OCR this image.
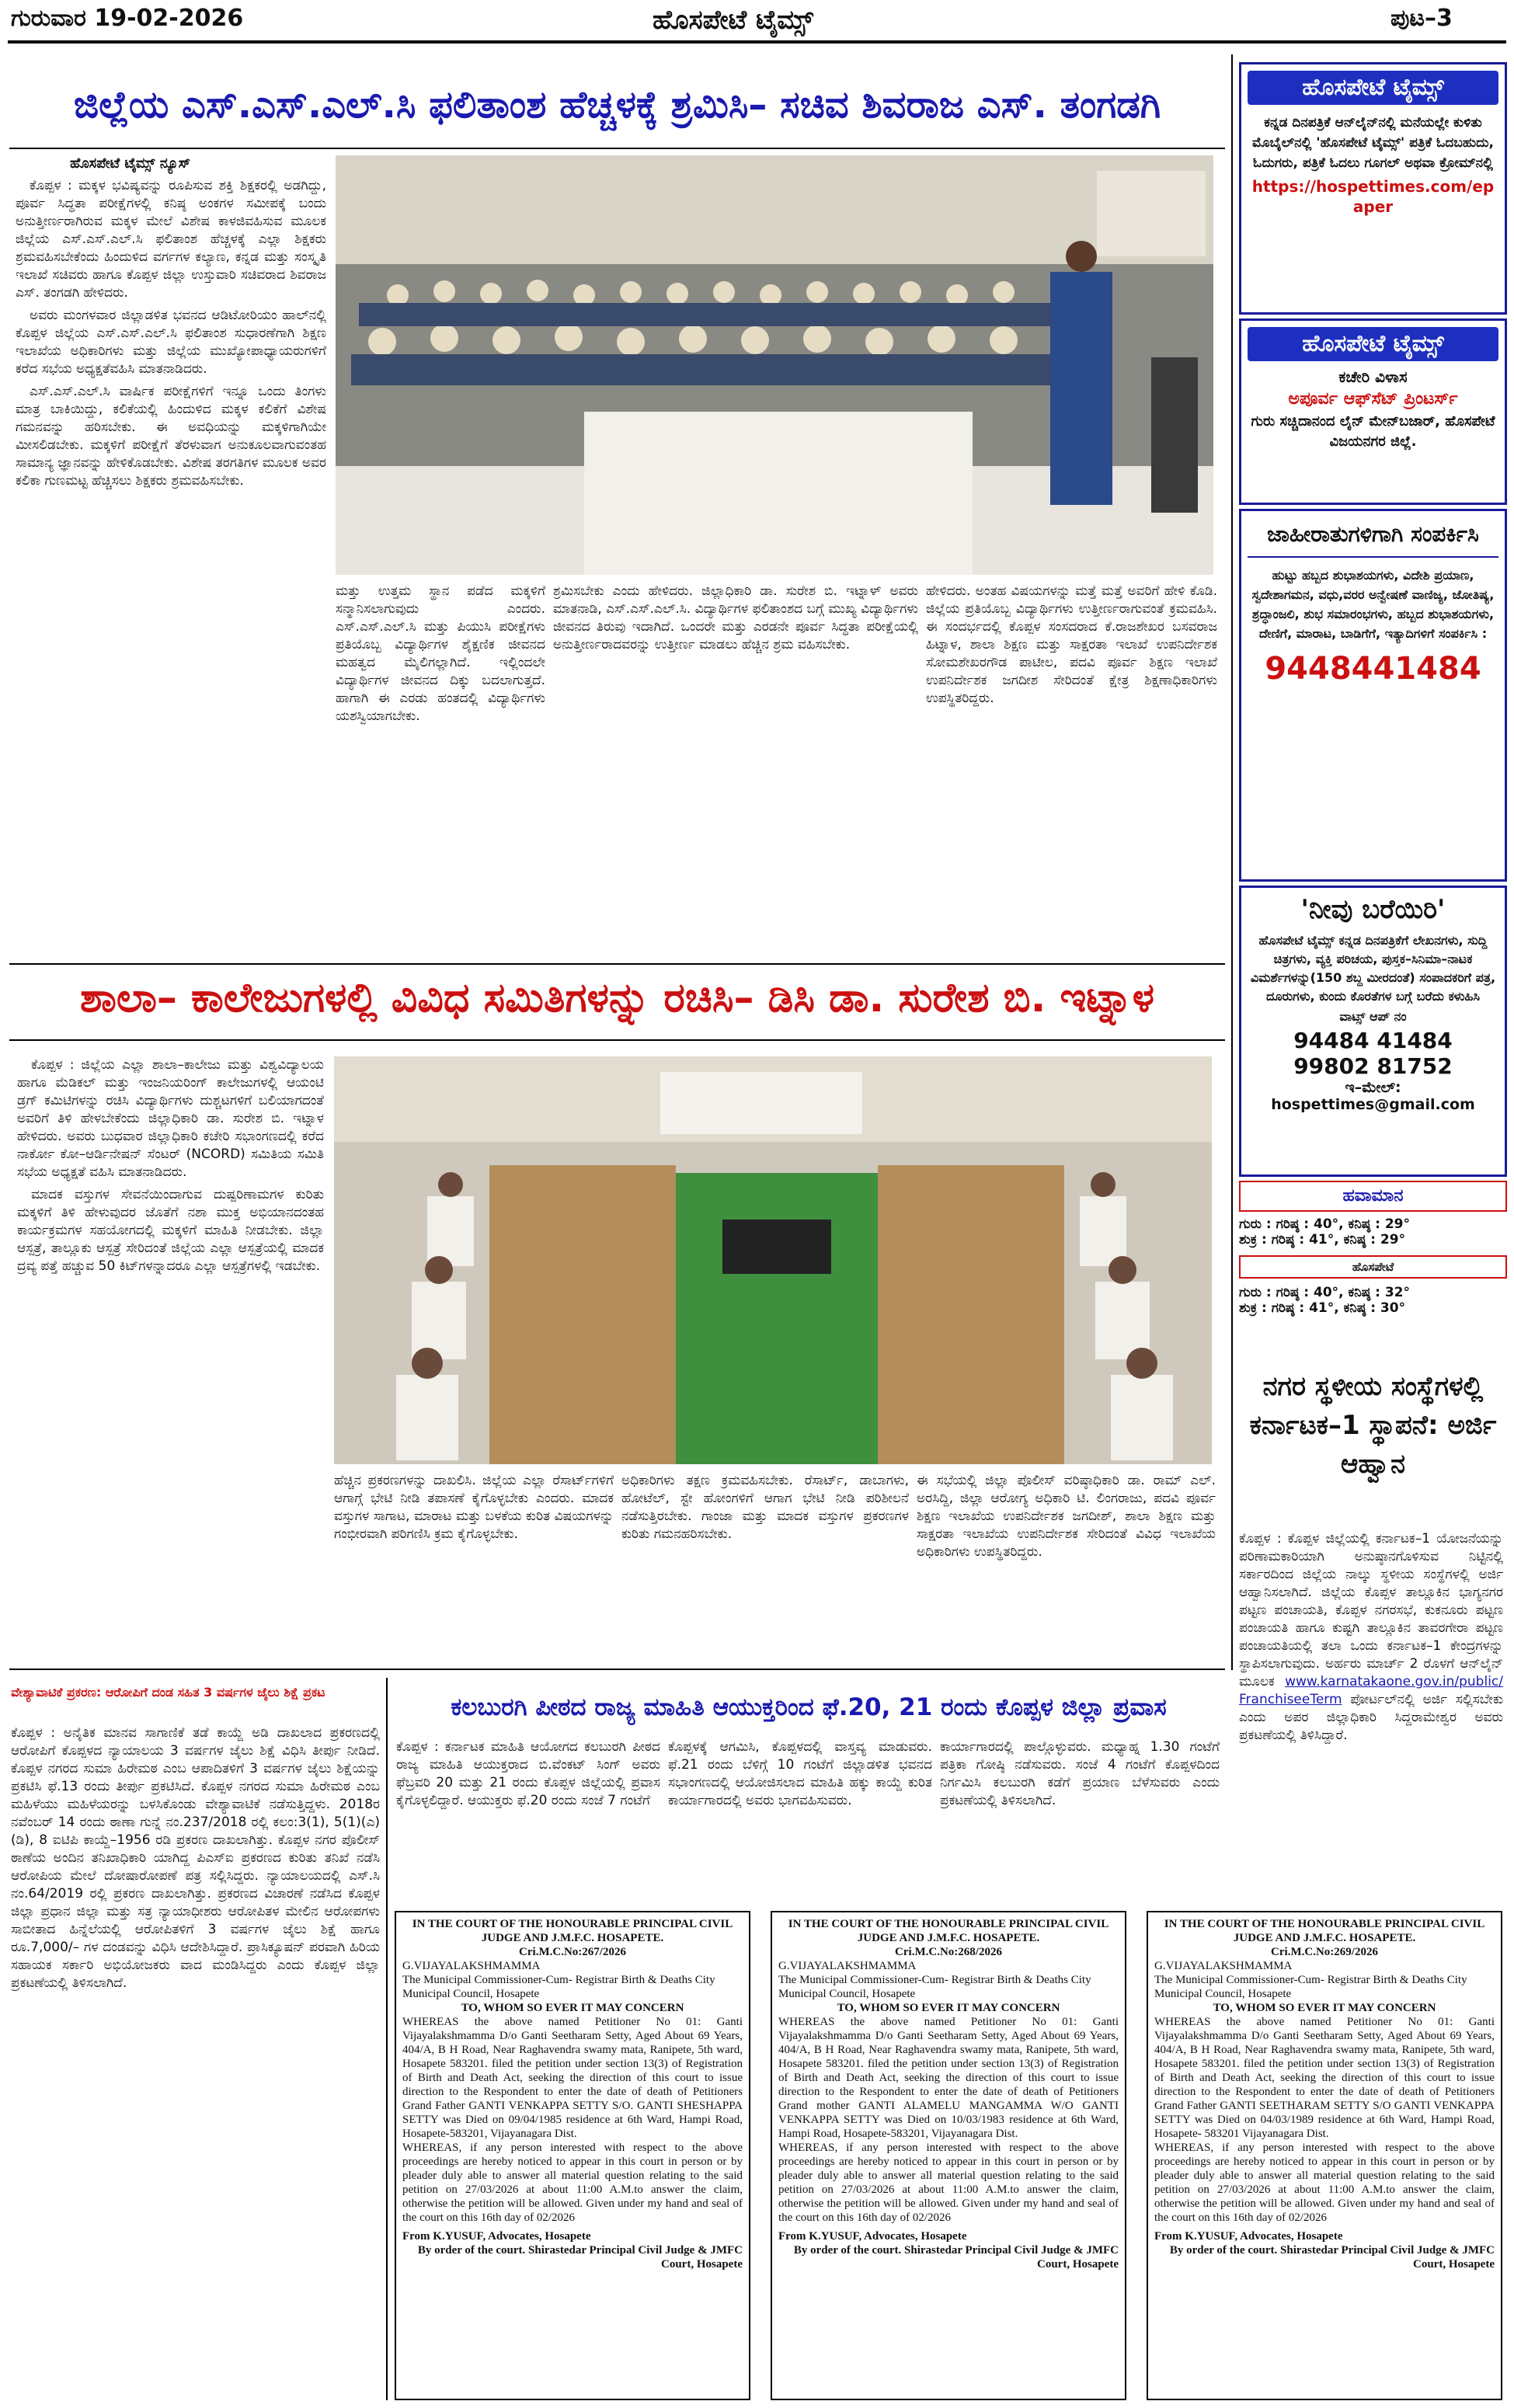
ಗುರುವಾರ 19-02-2026	ಹೊಸಪೇಟೆ ಟೈಮ್ಸ್	ಪುಟ–3
ಜಿಲ್ಲೆಯ ಎಸ್.ಎಸ್.ಎಲ್.ಸಿ ಫಲಿತಾಂಶ ಹೆಚ್ಚಳಕ್ಕೆ ಶ್ರಮಿಸಿ– ಸಚಿವ ಶಿವರಾಜ ಎಸ್. ತಂಗಡಗಿ
ಹೊಸಪೇಟೆ ಟೈಮ್ಸ್ ನ್ಯೂಸ್

ಕೊಪ್ಪಳ : ಮಕ್ಕಳ ಭವಿಷ್ಯವನ್ನು ರೂಪಿಸುವ ಶಕ್ತಿ ಶಿಕ್ಷಕರಲ್ಲಿ ಅಡಗಿದ್ದು, ಪೂರ್ವ ಸಿದ್ಧತಾ ಪರೀಕ್ಷೆಗಳಲ್ಲಿ ಕನಿಷ್ಠ ಅಂಕಗಳ ಸಮೀಪಕ್ಕೆ ಬಂದು ಅನುತ್ತೀರ್ಣರಾಗಿರುವ ಮಕ್ಕಳ ಮೇಲೆ ವಿಶೇಷ ಕಾಳಜಿವಹಿಸುವ ಮೂಲಕ ಜಿಲ್ಲೆಯ ಎಸ್.ಎಸ್.ಎಲ್.ಸಿ ಫಲಿತಾಂಶ ಹೆಚ್ಚಳಕ್ಕೆ ಎಲ್ಲಾ ಶಿಕ್ಷಕರು ಶ್ರಮವಹಿಸಬೇಕೆಂದು ಹಿಂದುಳಿದ ವರ್ಗಗಳ ಕಲ್ಯಾಣ, ಕನ್ನಡ ಮತ್ತು ಸಂಸ್ಕೃತಿ ಇಲಾಖೆ ಸಚಿವರು ಹಾಗೂ ಕೊಪ್ಪಳ ಜಿಲ್ಲಾ ಉಸ್ತುವಾರಿ ಸಚಿವರಾದ ಶಿವರಾಜ ಎಸ್. ತಂಗಡಗಿ ಹೇಳಿದರು.

ಅವರು ಮಂಗಳವಾರ ಜಿಲ್ಲಾಡಳಿತ ಭವನದ ಆಡಿಟೋರಿಯಂ ಹಾಲ್‌ನಲ್ಲಿ ಕೊಪ್ಪಳ ಜಿಲ್ಲೆಯ ಎಸ್.ಎಸ್.ಎಲ್.ಸಿ ಫಲಿತಾಂಶ ಸುಧಾರಣೆಗಾಗಿ ಶಿಕ್ಷಣ ಇಲಾಖೆಯ ಅಧಿಕಾರಿಗಳು ಮತ್ತು ಜಿಲ್ಲೆಯ ಮುಖ್ಯೋಪಾಧ್ಯಾಯರುಗಳಿಗೆ ಕರೆದ ಸಭೆಯ ಅಧ್ಯಕ್ಷತೆವಹಿಸಿ ಮಾತನಾಡಿದರು.

ಎಸ್.ಎಸ್.ಎಲ್.ಸಿ ವಾರ್ಷಿಕ ಪರೀಕ್ಷೆಗಳಿಗೆ ಇನ್ನೂ ಒಂದು ತಿಂಗಳು ಮಾತ್ರ ಬಾಕಿಯಿದ್ದು, ಕಲಿಕೆಯಲ್ಲಿ ಹಿಂದುಳಿದ ಮಕ್ಕಳ ಕಲಿಕೆಗೆ ವಿಶೇಷ ಗಮನವನ್ನು ಹರಿಸಬೇಕು. ಈ ಅವಧಿಯನ್ನು ಮಕ್ಕಳಿಗಾಗಿಯೇ ಮೀಸಲಿಡಬೇಕು. ಮಕ್ಕಳಿಗೆ ಪರೀಕ್ಷೆಗೆ ತೆರಳುವಾಗ ಅನುಕೂಲವಾಗುವಂತಹ ಸಾಮಾನ್ಯ ಜ್ಞಾನವನ್ನು ಹೇಳಿಕೊಡಬೇಕು. ವಿಶೇಷ ತರಗತಿಗಳ ಮೂಲಕ ಅವರ ಕಲಿಕಾ ಗುಣಮಟ್ಟ ಹೆಚ್ಚಿಸಲು ಶಿಕ್ಷಕರು ಶ್ರಮವಹಿಸಬೇಕು.

ಮತ್ತು ಉತ್ತಮ ಸ್ಥಾನ ಪಡೆದ ಮಕ್ಕಳಿಗೆ ಸನ್ಮಾನಿಸಲಾಗುವುದು ಎಂದರು. ಎಸ್.ಎಸ್.ಎಲ್.ಸಿ ಮತ್ತು ಪಿಯುಸಿ ಪರೀಕ್ಷೆಗಳು ಪ್ರತಿಯೊಬ್ಬ ವಿದ್ಯಾರ್ಥಿಗಳ ಶೈಕ್ಷಣಿಕ ಜೀವನದ ಮಹತ್ವದ ಮೈಲಿಗಲ್ಲಾಗಿದೆ. ಇಲ್ಲಿಂದಲೇ ವಿದ್ಯಾರ್ಥಿಗಳ ಜೀವನದ ದಿಕ್ಕು ಬದಲಾಗುತ್ತದೆ. ಹಾಗಾಗಿ ಈ ಎರಡು ಹಂತದಲ್ಲಿ ವಿದ್ಯಾರ್ಥಿಗಳು ಯಶಸ್ವಿಯಾಗಬೇಕು.
ಶ್ರಮಿಸಬೇಕು ಎಂದು ಹೇಳಿದರು. ಜಿಲ್ಲಾಧಿಕಾರಿ ಡಾ. ಸುರೇಶ ಬಿ. ಇಟ್ನಾಳ್ ಅವರು ಮಾತನಾಡಿ, ಎಸ್.ಎಸ್.ಎಲ್.ಸಿ. ವಿದ್ಯಾರ್ಥಿಗಳ ಫಲಿತಾಂಶದ ಬಗ್ಗೆ ಮುಖ್ಯ ವಿದ್ಯಾರ್ಥಿಗಳು ಜೀವನದ ತಿರುವು ಇದಾಗಿದೆ. ಒಂದರೇ ಮತ್ತು ಎರಡನೇ ಪೂರ್ವ ಸಿದ್ಧತಾ ಪರೀಕ್ಷೆಯಲ್ಲಿ ಅನುತ್ತೀರ್ಣರಾದವರನ್ನು ಉತ್ತೀರ್ಣ ಮಾಡಲು ಹೆಚ್ಚಿನ ಶ್ರಮ ವಹಿಸಬೇಕು.
ಹೇಳಿದರು. ಅಂತಹ ವಿಷಯಗಳನ್ನು ಮತ್ತೆ ಮತ್ತೆ ಅವರಿಗೆ ಹೇಳಿ ಕೊಡಿ. ಜಿಲ್ಲೆಯ ಪ್ರತಿಯೊಬ್ಬ ವಿದ್ಯಾರ್ಥಿಗಳು ಉತ್ತೀರ್ಣರಾಗುವಂತೆ ಕ್ರಮವಹಿಸಿ. ಈ ಸಂದರ್ಭದಲ್ಲಿ ಕೊಪ್ಪಳ ಸಂಸದರಾದ ಕೆ.ರಾಜಶೇಖರ ಬಸವರಾಜ ಹಿಟ್ನಾಳ, ಶಾಲಾ ಶಿಕ್ಷಣ ಮತ್ತು ಸಾಕ್ಷರತಾ ಇಲಾಖೆ ಉಪನಿರ್ದೇಶಕ ಸೋಮಶೇಖರಗೌಡ ಪಾಟೀಲ, ಪದವಿ ಪೂರ್ವ ಶಿಕ್ಷಣ ಇಲಾಖೆ ಉಪನಿರ್ದೇಶಕ ಜಗದೀಶ ಸೇರಿದಂತೆ ಕ್ಷೇತ್ರ ಶಿಕ್ಷಣಾಧಿಕಾರಿಗಳು ಉಪಸ್ಥಿತರಿದ್ದರು.
ಶಾಲಾ– ಕಾಲೇಜುಗಳಲ್ಲಿ ವಿವಿಧ ಸಮಿತಿಗಳನ್ನು ರಚಿಸಿ– ಡಿಸಿ ಡಾ. ಸುರೇಶ ಬಿ. ಇಟ್ನಾಳ

ಕೊಪ್ಪಳ : ಜಿಲ್ಲೆಯ ಎಲ್ಲಾ ಶಾಲಾ–ಕಾಲೇಜು ಮತ್ತು ವಿಶ್ವವಿದ್ಯಾಲಯ ಹಾಗೂ ಮೆಡಿಕಲ್ ಮತ್ತು ಇಂಜನಿಯರಿಂಗ್ ಕಾಲೇಜುಗಳಲ್ಲಿ ಆಯಂಟಿ ಡ್ರಗ್ ಕಮಿಟಿಗಳನ್ನು ರಚಿಸಿ ವಿದ್ಯಾರ್ಥಿಗಳು ದುಶ್ಚಟಗಳಿಗೆ ಬಲಿಯಾಗದಂತೆ ಅವರಿಗೆ ತಿಳಿ ಹೇಳಬೇಕೆಂದು ಜಿಲ್ಲಾಧಿಕಾರಿ ಡಾ. ಸುರೇಶ ಬಿ. ಇಟ್ನಾಳ ಹೇಳಿದರು. ಅವರು ಬುಧವಾರ ಜಿಲ್ಲಾಧಿಕಾರಿ ಕಚೇರಿ ಸಭಾಂಗಣದಲ್ಲಿ ಕರೆದ ನಾರ್ಕೋ ಕೋ–ಆರ್ಡಿನೇಷನ್ ಸೆಂಟರ್ (NCORD) ಸಮಿತಿಯ ಸಮಿತಿ ಸಭೆಯ ಅಧ್ಯಕ್ಷತೆ ವಹಿಸಿ ಮಾತನಾಡಿದರು.

ಮಾದಕ ವಸ್ತುಗಳ ಸೇವನೆಯಿಂದಾಗುವ ದುಷ್ಪರಿಣಾಮಗಳ ಕುರಿತು ಮಕ್ಕಳಿಗೆ ತಿಳಿ ಹೇಳುವುದರ ಜೊತೆಗೆ ನಶಾ ಮುಕ್ತ ಅಭಿಯಾನದಂತಹ ಕಾರ್ಯಕ್ರಮಗಳ ಸಹಯೋಗದಲ್ಲಿ ಮಕ್ಕಳಿಗೆ ಮಾಹಿತಿ ನೀಡಬೇಕು. ಜಿಲ್ಲಾ ಆಸ್ಪತ್ರೆ, ತಾಲ್ಲೂಕು ಆಸ್ಪತ್ರೆ ಸೇರಿದಂತೆ ಜಿಲ್ಲೆಯ ಎಲ್ಲಾ ಆಸ್ಪತ್ರೆಯಲ್ಲಿ ಮಾದಕ ದ್ರವ್ಯ ಪತ್ತೆ ಹಚ್ಚುವ 50 ಕಿಟ್‌ಗಳನ್ನಾದರೂ ಎಲ್ಲಾ ಆಸ್ಪತ್ರೆಗಳಲ್ಲಿ ಇಡಬೇಕು.

ಹೆಚ್ಚಿನ ಪ್ರಕರಣಗಳನ್ನು ದಾಖಲಿಸಿ. ಜಿಲ್ಲೆಯ ಎಲ್ಲಾ ರೆಸಾರ್ಟ್‌ಗಳಿಗೆ ಆಗಾಗ್ಗೆ ಭೇಟಿ ನೀಡಿ ತಪಾಸಣೆ ಕೈಗೊಳ್ಳಬೇಕು ಎಂದರು. ಮಾದಕ ವಸ್ತುಗಳ ಸಾಗಾಟ, ಮಾರಾಟ ಮತ್ತು ಬಳಕೆಯ ಕುರಿತ ವಿಷಯಗಳನ್ನು ಗಂಭೀರವಾಗಿ ಪರಿಗಣಿಸಿ ಕ್ರಮ ಕೈಗೊಳ್ಳಬೇಕು.
ಅಧಿಕಾರಿಗಳು ತಕ್ಷಣ ಕ್ರಮವಹಿಸಬೇಕು. ರೆಸಾರ್ಟ್, ಡಾಬಾಗಳು, ಹೋಟೆಲ್, ಸ್ಟೇ ಹೋಂಗಳಿಗೆ ಆಗಾಗ ಭೇಟಿ ನೀಡಿ ಪರಿಶೀಲನೆ ನಡೆಸುತ್ತಿರಬೇಕು. ಗಾಂಜಾ ಮತ್ತು ಮಾದಕ ವಸ್ತುಗಳ ಪ್ರಕರಣಗಳ ಕುರಿತು ಗಮನಹರಿಸಬೇಕು.
ಈ ಸಭೆಯಲ್ಲಿ ಜಿಲ್ಲಾ ಪೊಲೀಸ್ ವರಿಷ್ಠಾಧಿಕಾರಿ ಡಾ. ರಾಮ್ ಎಲ್. ಅರಸಿದ್ದಿ, ಜಿಲ್ಲಾ ಆರೋಗ್ಯ ಅಧಿಕಾರಿ ಟಿ. ಲಿಂಗರಾಜು, ಪದವಿ ಪೂರ್ವ ಶಿಕ್ಷಣ ಇಲಾಖೆಯ ಉಪನಿರ್ದೇಶಕ ಜಗದೀಶ್, ಶಾಲಾ ಶಿಕ್ಷಣ ಮತ್ತು ಸಾಕ್ಷರತಾ ಇಲಾಖೆಯ ಉಪನಿರ್ದೇಶಕ ಸೇರಿದಂತೆ ವಿವಿಧ ಇಲಾಖೆಯ ಅಧಿಕಾರಿಗಳು ಉಪಸ್ಥಿತರಿದ್ದರು.
ವೇಶ್ಯಾವಾಟಿಕೆ ಪ್ರಕರಣ: ಆರೋಪಿಗೆ ದಂಡ ಸಹಿತ 3 ವರ್ಷಗಳ ಜೈಲು ಶಿಕ್ಷೆ ಪ್ರಕಟ
ಕೊಪ್ಪಳ : ಅನೈತಿಕ ಮಾನವ ಸಾಗಾಣಿಕೆ ತಡೆ ಕಾಯ್ದೆ ಅಡಿ ದಾಖಲಾದ ಪ್ರಕರಣದಲ್ಲಿ ಆರೋಪಿಗೆ ಕೊಪ್ಪಳದ ನ್ಯಾಯಾಲಯ 3 ವರ್ಷಗಳ ಜೈಲು ಶಿಕ್ಷೆ ವಿಧಿಸಿ ತೀರ್ಪು ನೀಡಿದೆ. ಕೊಪ್ಪಳ ನಗರದ ಸುಮಾ ಹಿರೇಮಠ ಎಂಬ ಆಪಾದಿತಳಿಗೆ 3 ವರ್ಷಗಳ ಜೈಲು ಶಿಕ್ಷೆಯನ್ನು ಪ್ರಕಟಿಸಿ ಫೆ.13 ರಂದು ತೀರ್ಪು ಪ್ರಕಟಿಸಿದೆ. ಕೊಪ್ಪಳ ನಗರದ ಸುಮಾ ಹಿರೇಮಠ ಎಂಬ ಮಹಿಳೆಯು ಮಹಿಳೆಯರನ್ನು ಬಳಸಿಕೊಂಡು ವೇಶ್ಯಾವಾಟಿಕೆ ನಡೆಸುತ್ತಿದ್ದಳು. 2018ರ ನವೆಂಬರ್ 14 ರಂದು ಠಾಣಾ ಗುನ್ನೆ ನಂ.237/2018 ರಲ್ಲಿ ಕಲಂ:3(1), 5(1)(ಎ)(ಡಿ), 8 ಐಟಿಪಿ ಕಾಯ್ದೆ–1956 ರಡಿ ಪ್ರಕರಣ ದಾಖಲಾಗಿತ್ತು. ಕೊಪ್ಪಳ ನಗರ ಪೊಲೀಸ್ ಠಾಣೆಯ ಅಂದಿನ ತನಿಖಾಧಿಕಾರಿ ಯಾಗಿದ್ದ ಪಿಎಸ್‌ಐ ಪ್ರಕರಣದ ಕುರಿತು ತನಿಖೆ ನಡೆಸಿ ಆರೋಪಿಯ ಮೇಲೆ ದೋಷಾರೋಪಣೆ ಪತ್ರ ಸಲ್ಲಿಸಿದ್ದರು. ನ್ಯಾಯಾಲಯದಲ್ಲಿ ಎಸ್.ಸಿ ನಂ.64/2019 ರಲ್ಲಿ ಪ್ರಕರಣ ದಾಖಲಾಗಿತ್ತು. ಪ್ರಕರಣದ ವಿಚಾರಣೆ ನಡೆಸಿದ ಕೊಪ್ಪಳ ಜಿಲ್ಲಾ ಪ್ರಧಾನ ಜಿಲ್ಲಾ ಮತ್ತು ಸತ್ರ ನ್ಯಾಯಾಧೀಶರು ಆರೋಪಿತಳ ಮೇಲಿನ ಆರೋಪಗಳು ಸಾಬೀತಾದ ಹಿನ್ನೆಲೆಯಲ್ಲಿ ಆರೋಪಿತಳಿಗೆ 3 ವರ್ಷಗಳ ಜೈಲು ಶಿಕ್ಷೆ ಹಾಗೂ ರೂ.7,000/– ಗಳ ದಂಡವನ್ನು ವಿಧಿಸಿ ಆದೇಶಿಸಿದ್ದಾರೆ. ಪ್ರಾಸಿಕ್ಯೂಷನ್ ಪರವಾಗಿ ಹಿರಿಯ ಸಹಾಯಕ ಸರ್ಕಾರಿ ಅಭಿಯೋಜಕರು ವಾದ ಮಂಡಿಸಿದ್ದರು ಎಂದು ಕೊಪ್ಪಳ ಜಿಲ್ಲಾ ಪ್ರಕಟಣೆಯಲ್ಲಿ ತಿಳಿಸಲಾಗಿದೆ.
ಕಲಬುರಗಿ ಪೀಠದ ರಾಜ್ಯ ಮಾಹಿತಿ ಆಯುಕ್ತರಿಂದ ಫೆ.20, 21 ರಂದು ಕೊಪ್ಪಳ ಜಿಲ್ಲಾ ಪ್ರವಾಸ
ಕೊಪ್ಪಳ : ಕರ್ನಾಟಕ ಮಾಹಿತಿ ಆಯೋಗದ ಕಲಬುರಗಿ ಪೀಠದ ರಾಜ್ಯ ಮಾಹಿತಿ ಆಯುಕ್ತರಾದ ಬಿ.ವೆಂಕಟ್ ಸಿಂಗ್ ಅವರು ಫೆಬ್ರವರಿ 20 ಮತ್ತು 21 ರಂದು ಕೊಪ್ಪಳ ಜಿಲ್ಲೆಯಲ್ಲಿ ಪ್ರವಾಸ ಕೈಗೊಳ್ಳಲಿದ್ದಾರೆ. ಆಯುಕ್ತರು ಫೆ.20 ರಂದು ಸಂಜೆ 7 ಗಂಟೆಗೆ
ಕೊಪ್ಪಳಕ್ಕೆ ಆಗಮಿಸಿ, ಕೊಪ್ಪಳದಲ್ಲಿ ವಾಸ್ತವ್ಯ ಮಾಡುವರು. ಫೆ.21 ರಂದು ಬೆಳಿಗ್ಗೆ 10 ಗಂಟೆಗೆ ಜಿಲ್ಲಾಡಳಿತ ಭವನದ ಸಭಾಂಗಣದಲ್ಲಿ ಆಯೋಜಿಸಲಾದ ಮಾಹಿತಿ ಹಕ್ಕು ಕಾಯ್ದೆ ಕುರಿತ ಕಾರ್ಯಾಗಾರದಲ್ಲಿ ಅವರು ಭಾಗವಹಿಸುವರು.
ಕಾರ್ಯಾಗಾರದಲ್ಲಿ ಪಾಲ್ಗೊಳ್ಳುವರು. ಮಧ್ಯಾಹ್ನ 1.30 ಗಂಟೆಗೆ ಪತ್ರಿಕಾ ಗೋಷ್ಠಿ ನಡೆಸುವರು. ಸಂಜೆ 4 ಗಂಟೆಗೆ ಕೊಪ್ಪಳದಿಂದ ನಿರ್ಗಮಿಸಿ ಕಲಬುರಗಿ ಕಡೆಗೆ ಪ್ರಯಾಣ ಬೆಳೆಸುವರು ಎಂದು ಪ್ರಕಟಣೆಯಲ್ಲಿ ತಿಳಿಸಲಾಗಿದೆ.
IN THE COURT OF THE HONOURABLE PRINCIPAL CIVIL JUDGE AND J.M.F.C. HOSAPETE.
Cri.M.C.No:267/2026
G.VIJAYALAKSHMAMMA
The Municipal Commissioner-Cum- Registrar Birth & Deaths City Municipal Council, Hosapete
TO, WHOM SO EVER IT MAY CONCERN
WHEREAS the above named Petitioner No 01: Ganti Vijayalakshmamma D/o Ganti Seetharam Setty, Aged About 69 Years, 404/A, B H Road, Near Raghavendra swamy mata, Ranipete, 5th ward, Hosapete 583201. filed the petition under section 13(3) of Registration of Birth and Death Act, seeking the direction of this court to issue direction to the Respondent to enter the date of death of Petitioners Grand Father GANTI VENKAPPA SETTY S/O. GANTI SHESHAPPA SETTY was Died on 09/04/1985 residence at 6th Ward, Hampi Road, Hosapete-583201, Vijayanagara Dist.
WHEREAS, if any person interested with respect to the above proceedings are hereby noticed to appear in this court in person or by pleader duly able to answer all material question relating to the said petition on 27/03/2026 at about 11:00 A.M.to answer the claim, otherwise the petition will be allowed. Given under my hand and seal of the court on this 16th day of 02/2026
From K.YUSUF, Advocates, Hosapete
By order of the court. Shirastedar Principal Civil Judge & JMFC Court, Hosapete
IN THE COURT OF THE HONOURABLE PRINCIPAL CIVIL JUDGE AND J.M.F.C. HOSAPETE.
Cri.M.C.No:268/2026
G.VIJAYALAKSHMAMMA
The Municipal Commissioner-Cum- Registrar Birth & Deaths City Municipal Council, Hosapete
TO, WHOM SO EVER IT MAY CONCERN
WHEREAS the above named Petitioner No 01: Ganti Vijayalakshmamma D/o Ganti Seetharam Setty, Aged About 69 Years, 404/A, B H Road, Near Raghavendra swamy mata, Ranipete, 5th ward, Hosapete 583201. filed the petition under section 13(3) of Registration of Birth and Death Act, seeking the direction of this court to issue direction to the Respondent to enter the date of death of Petitioners Grand mother GANTI ALAMELU MANGAMMA W/O GANTI VENKAPPA SETTY was Died on 10/03/1983 residence at 6th Ward, Hampi Road, Hosapete-583201, Vijayanagara Dist.
WHEREAS, if any person interested with respect to the above proceedings are hereby noticed to appear in this court in person or by pleader duly able to answer all material question relating to the said petition on 27/03/2026 at about 11:00 A.M.to answer the claim, otherwise the petition will be allowed. Given under my hand and seal of the court on this 16th day of 02/2026
From K.YUSUF, Advocates, Hosapete
By order of the court. Shirastedar Principal Civil Judge & JMFC Court, Hosapete
IN THE COURT OF THE HONOURABLE PRINCIPAL CIVIL JUDGE AND J.M.F.C. HOSAPETE.
Cri.M.C.No:269/2026
G.VIJAYALAKSHMAMMA
The Municipal Commissioner-Cum- Registrar Birth & Deaths City Municipal Council, Hosapete
TO, WHOM SO EVER IT MAY CONCERN
WHEREAS the above named Petitioner No 01: Ganti Vijayalakshmamma D/o Ganti Seetharam Setty, Aged About 69 Years, 404/A, B H Road, Near Raghavendra swamy mata, Ranipete, 5th ward, Hosapete 583201. filed the petition under section 13(3) of Registration of Birth and Death Act, seeking the direction of this court to issue direction to the Respondent to enter the date of death of Petitioners Grand Father GANTI SEETHARAM SETTY S/O GANTI VENKAPPA SETTY was Died on 04/03/1989 residence at 6th Ward, Hampi Road, Hosapete- 583201 Vijayanagara Dist.
WHEREAS, if any person interested with respect to the above proceedings are hereby noticed to appear in this court in person or by pleader duly able to answer all material question relating to the said petition on 27/03/2026 at about 11:00 A.M.to answer the claim, otherwise the petition will be allowed. Given under my hand and seal of the court on this 16th day of 02/2026
From K.YUSUF, Advocates, Hosapete
By order of the court. Shirastedar Principal Civil Judge & JMFC Court, Hosapete
ಹೊಸಪೇಟೆ ಟೈಮ್ಸ್
ಕನ್ನಡ ದಿನಪತ್ರಿಕೆ ಆನ್‌ಲೈನ್‌ನಲ್ಲಿ ಮನೆಯಲ್ಲೇ ಕುಳಿತು ಮೊಬೈಲ್‌ನಲ್ಲಿ 'ಹೊಸಪೇಟೆ ಟೈಮ್ಸ್' ಪತ್ರಿಕೆ ಓದಬಹುದು, ಓದುಗರು, ಪತ್ರಿಕೆ ಓದಲು ಗೂಗಲ್ ಅಥವಾ ಕ್ರೋಮ್‌ನಲ್ಲಿ
https://hospettimes.com/epaper
ಹೊಸಪೇಟೆ ಟೈಮ್ಸ್
ಕಚೇರಿ ವಿಳಾಸ
ಅಪೂರ್ವ ಆಫ್‌ಸೆಟ್ ಪ್ರಿಂಟರ್ಸ್
ಗುರು ಸಚ್ಚಿದಾನಂದ ಲೈನ್ ಮೇನ್‌ಬಜಾರ್, ಹೊಸಪೇಟೆ ವಿಜಯನಗರ ಜಿಲ್ಲೆ.
ಜಾಹೀರಾತುಗಳಿಗಾಗಿ ಸಂಪರ್ಕಿಸಿ
ಹುಟ್ಟು ಹಬ್ಬದ ಶುಭಾಶಯಗಳು, ವಿದೇಶಿ ಪ್ರಯಾಣ, ಸ್ವದೇಶಾಗಮನ, ವಧು,ವರರ ಅನ್ವೇಷಣೆ ವಾಣಿಜ್ಯ, ಜೋತಿಷ್ಯ, ಶ್ರದ್ಧಾಂಜಲಿ, ಶುಭ ಸಮಾರಂಭಗಳು, ಹಬ್ಬದ ಶುಭಾಶಯಗಳು, ದೇಣಿಗೆ, ಮಾರಾಟ, ಬಾಡಿಗೆಗೆ, ಇತ್ಯಾದಿಗಳಿಗೆ ಸಂಪರ್ಕಿಸಿ :
9448441484
'ನೀವು ಬರೆಯಿರಿ'
ಹೊಸಪೇಟೆ ಟೈಮ್ಸ್ ಕನ್ನಡ ದಿನಪತ್ರಿಕೆಗೆ ಲೇಖನಗಳು, ಸುದ್ದಿ ಚಿತ್ರಗಳು, ವ್ಯಕ್ತಿ ಪರಿಚಯ, ಪುಸ್ತಕ–ಸಿನಿಮಾ–ನಾಟಕ ವಿಮರ್ಶೆಗಳನ್ನು(150 ಶಬ್ದ ಮೀರದಂತೆ) ಸಂಪಾದಕರಿಗೆ ಪತ್ರ, ದೂರುಗಳು, ಕುಂದು ಕೊರತೆಗಳ ಬಗ್ಗೆ ಬರೆದು ಕಳುಹಿಸಿ
ವಾಟ್ಸ್ ಆಪ್ ನಂ
94484 41484
99802 81752
ಇ–ಮೇಲ್: hospettimes@gmail.com
ಹವಾಮಾನ
ಗುರು : ಗರಿಷ್ಠ : 40°, ಕನಿಷ್ಠ : 29°
ಶುಕ್ರ : ಗರಿಷ್ಠ : 41°, ಕನಿಷ್ಠ : 29°
ಹೊಸಪೇಟೆ
ಗುರು : ಗರಿಷ್ಠ : 40°, ಕನಿಷ್ಠ : 32°
ಶುಕ್ರ : ಗರಿಷ್ಠ : 41°, ಕನಿಷ್ಠ : 30°
ನಗರ ಸ್ಥಳೀಯ ಸಂಸ್ಥೆಗಳಲ್ಲಿ ಕರ್ನಾಟಕ–1 ಸ್ಥಾಪನೆ: ಅರ್ಜಿ ಆಹ್ವಾನ
ಕೊಪ್ಪಳ : ಕೊಪ್ಪಳ ಜಿಲ್ಲೆಯಲ್ಲಿ ಕರ್ನಾಟಕ–1 ಯೋಜನೆಯನ್ನು ಪರಿಣಾಮಕಾರಿಯಾಗಿ ಅನುಷ್ಠಾನಗೊಳಿಸುವ ನಿಟ್ಟಿನಲ್ಲಿ ಸರ್ಕಾರದಿಂದ ಜಿಲ್ಲೆಯ ನಾಲ್ಕು ಸ್ಥಳೀಯ ಸಂಸ್ಥೆಗಳಲ್ಲಿ ಅರ್ಜಿ ಆಹ್ವಾನಿಸಲಾಗಿದೆ. ಜಿಲ್ಲೆಯ ಕೊಪ್ಪಳ ತಾಲ್ಲೂಕಿನ ಭಾಗ್ಯನಗರ ಪಟ್ಟಣ ಪಂಚಾಯತಿ, ಕೊಪ್ಪಳ ನಗರಸಭೆ, ಕುಕನೂರು ಪಟ್ಟಣ ಪಂಚಾಯತಿ ಹಾಗೂ ಕುಷ್ಟಗಿ ತಾಲ್ಲೂಕಿನ ತಾವರಗೇರಾ ಪಟ್ಟಣ ಪಂಚಾಯತಿಯಲ್ಲಿ ತಲಾ ಒಂದು ಕರ್ನಾಟಕ–1 ಕೇಂದ್ರಗಳನ್ನು ಸ್ಥಾಪಿಸಲಾಗುವುದು. ಅರ್ಹರು ಮಾರ್ಚ್ 2 ರೊಳಗೆ ಆನ್‌ಲೈನ್ ಮೂಲಕ www.karnatakaone.gov.in/public/FranchiseeTerm ಪೋರ್ಟಲ್‌ನಲ್ಲಿ ಅರ್ಜಿ ಸಲ್ಲಿಸಬೇಕು ಎಂದು ಅಪರ ಜಿಲ್ಲಾಧಿಕಾರಿ ಸಿದ್ದರಾಮೇಶ್ವರ ಅವರು ಪ್ರಕಟಣೆಯಲ್ಲಿ ತಿಳಿಸಿದ್ದಾರೆ.
